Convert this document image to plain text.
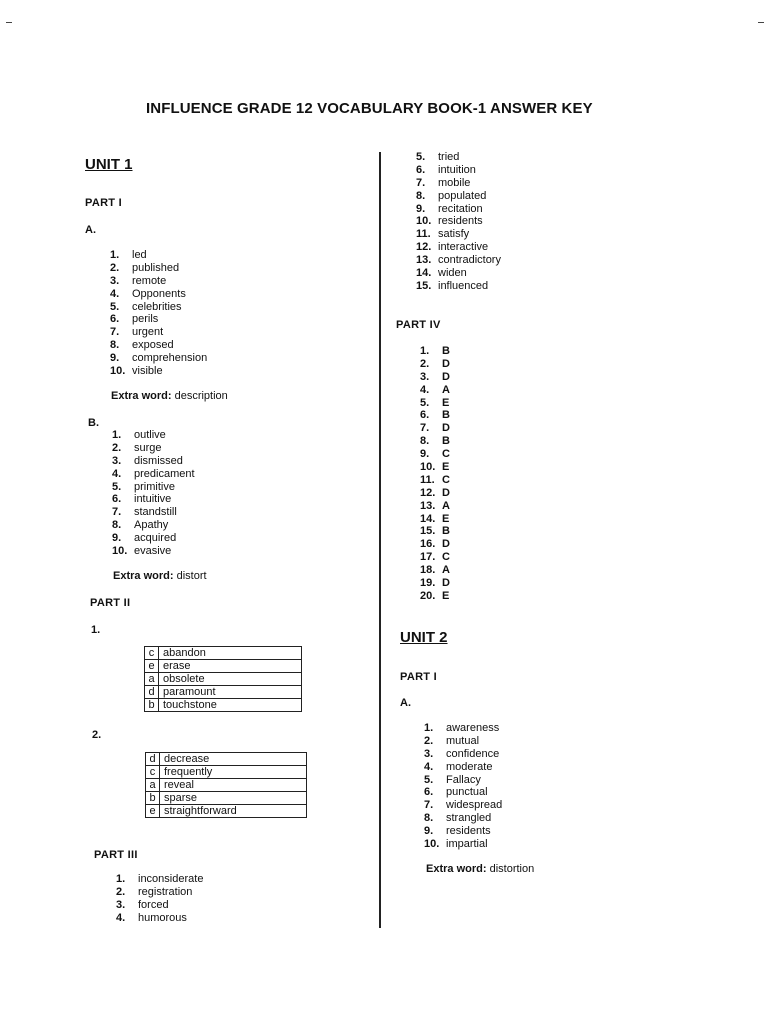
INFLUENCE GRADE 12 VOCABULARY BOOK-1 ANSWER KEY
UNIT 1
PART I
A.
1. led
2. published
3. remote
4. Opponents
5. celebrities
6. perils
7. urgent
8. exposed
9. comprehension
10. visible
Extra word: description
B.
1. outlive
2. surge
3. dismissed
4. predicament
5. primitive
6. intuitive
7. standstill
8. Apathy
9. acquired
10. evasive
Extra word: distort
PART II
1.
c	abandon
e	erase
a	obsolete
d	paramount
b	touchstone
2.
d	decrease
c	frequently
a	reveal
b	sparse
e	straightforward
PART III
1. inconsiderate
2. registration
3. forced
4. humorous
5. tried
6. intuition
7. mobile
8. populated
9. recitation
10. residents
11. satisfy
12. interactive
13. contradictory
14. widen
15. influenced
PART IV
1. B
2. D
3. D
4. A
5. E
6. B
7. D
8. B
9. C
10. E
11. C
12. D
13. A
14. E
15. B
16. D
17. C
18. A
19. D
20. E
UNIT 2
PART I
A.
1. awareness
2. mutual
3. confidence
4. moderate
5. Fallacy
6. punctual
7. widespread
8. strangled
9. residents
10. impartial
Extra word: distortion
